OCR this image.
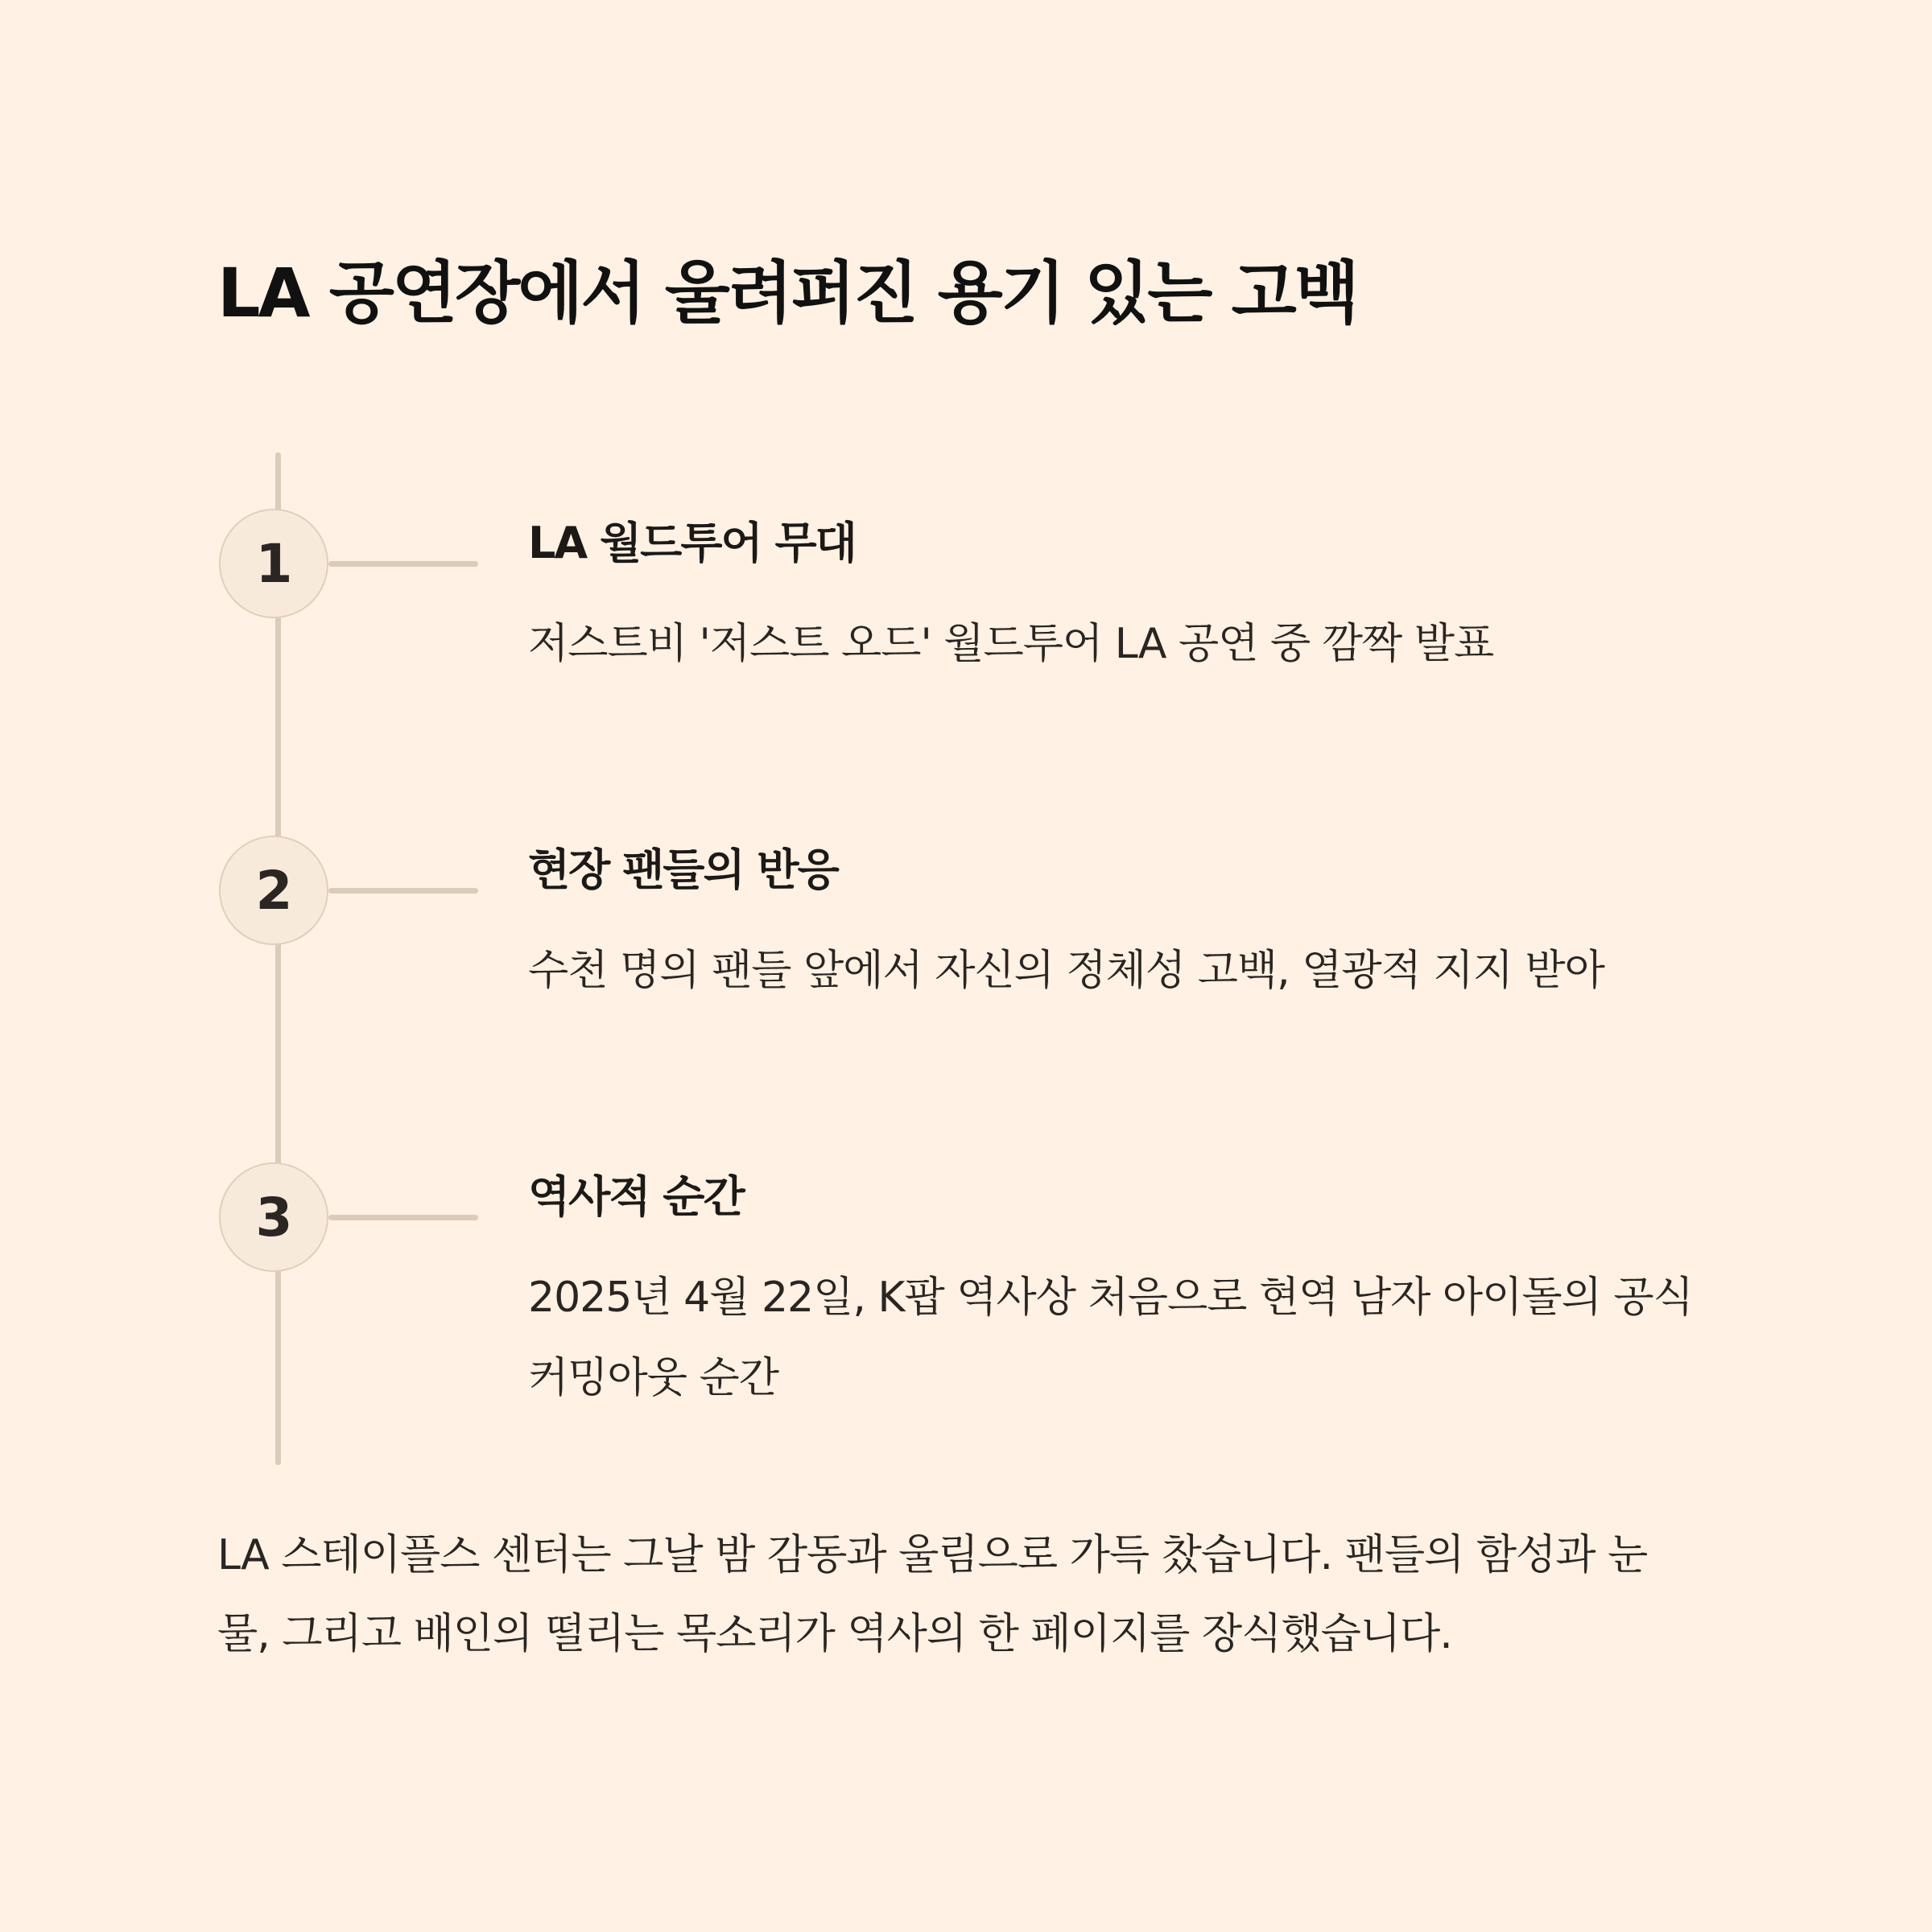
LA 공연장에서 울려퍼진 용기 있는 고백
1	LA 월드투어 무대

저스트비 '저스트 오드' 월드투어 LA 공연 중 깜짝 발표

2	현장 팬들의 반응

수천 명의 팬들 앞에서 자신의 정체성 고백, 열광적 지지 받아

3	역사적 순간

2025년 4월 22일, K팝 역사상 처음으로 현역 남자 아이돌의 공식 커밍아웃 순간

LA 스테이플스 센터는 그날 밤 감동과 울림으로 가득 찼습니다. 팬들의 함성과 눈물, 그리고 배인의 떨리는 목소리가 역사의 한 페이지를 장식했습니다.
